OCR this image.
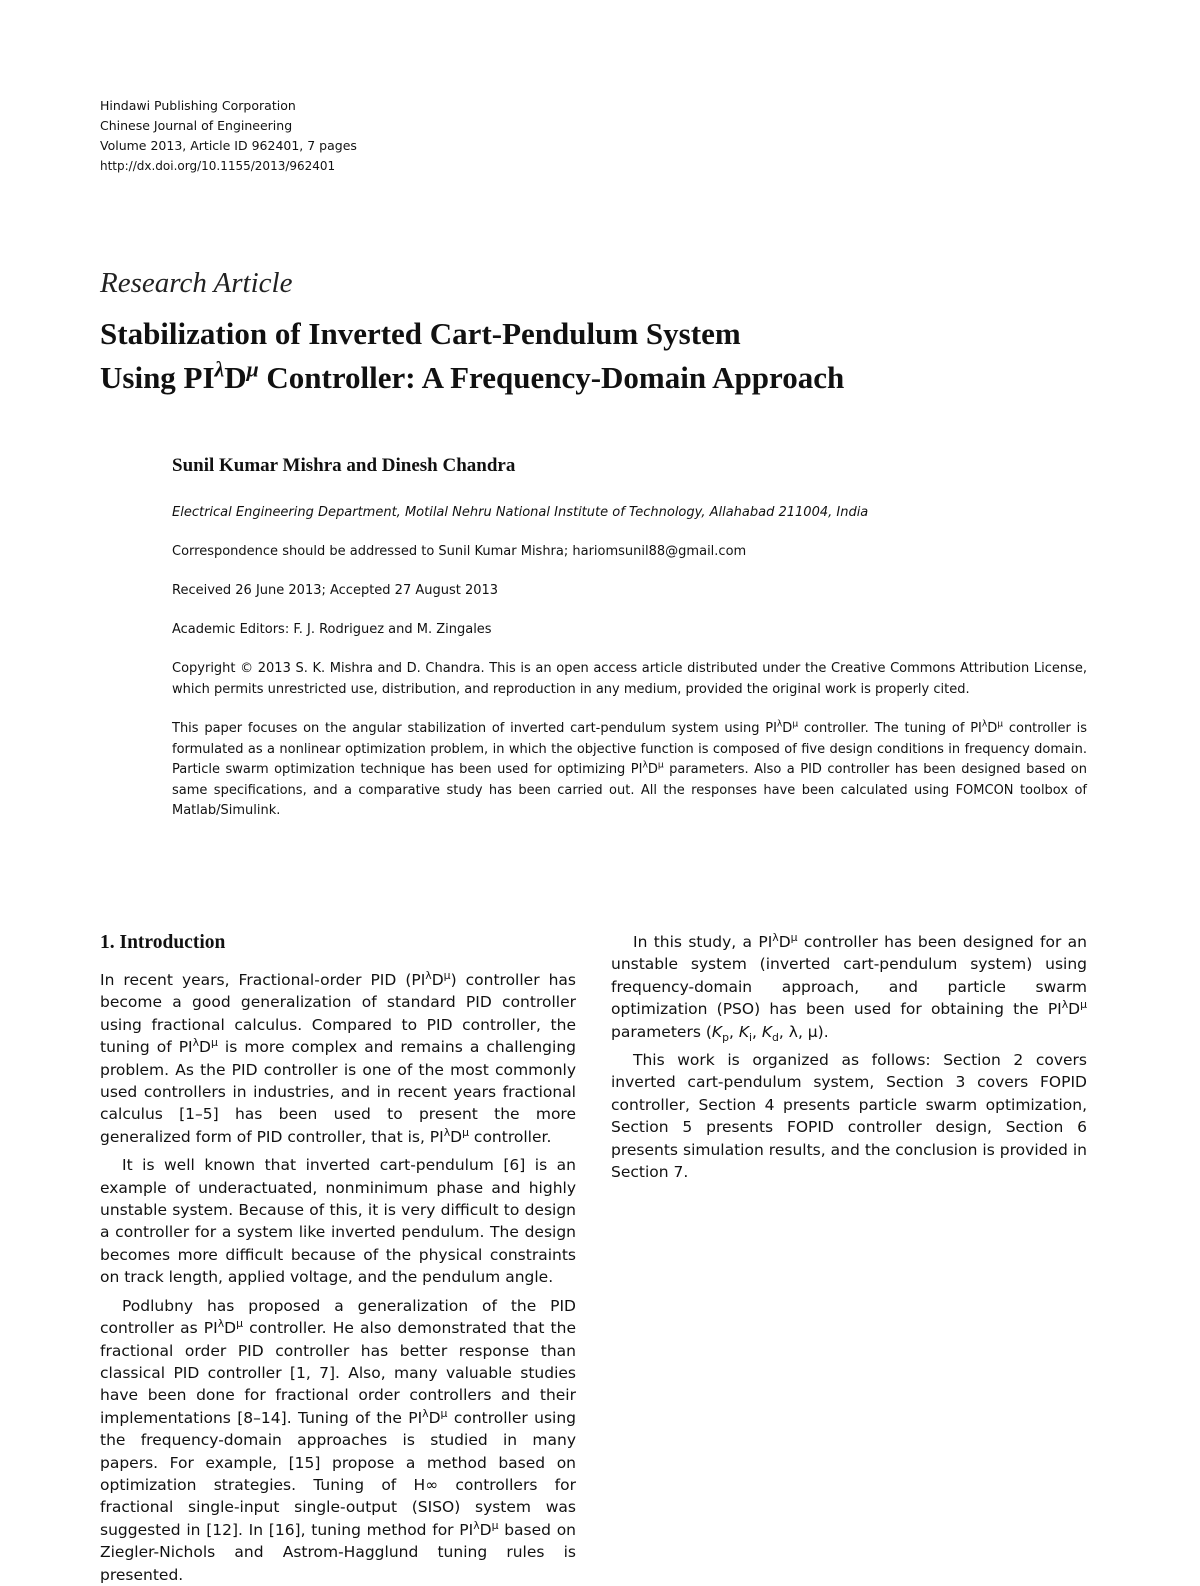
Hindawi Publishing Corporation
Chinese Journal of Engineering
Volume 2013, Article ID 962401, 7 pages
http://dx.doi.org/10.1155/2013/962401
Research Article
Stabilization of Inverted Cart-Pendulum System
Using $PI^\lambda D^\mu$ Controller: A Frequency-Domain Approach
Sunil Kumar Mishra and Dinesh Chandra
Electrical Engineering Department, Motilal Nehru National Institute of Technology, Allahabad 211004, India
Correspondence should be addressed to Sunil Kumar Mishra; hariomsunil88@gmail.com
Received 26 June 2013; Accepted 27 August 2013
Academic Editors: F. J. Rodriguez and M. Zingales
Copyright © 2013 S. K. Mishra and D. Chandra. This is an open access article distributed under the Creative Commons Attribution License, which permits unrestricted use, distribution, and reproduction in any medium, provided the original work is properly cited.
This paper focuses on the angular stabilization of inverted cart-pendulum system using $PI^\lambda D^\mu$ controller. The tuning of $PI^\lambda D^\mu$ controller is formulated as a nonlinear optimization problem, in which the objective function is composed of five design conditions in frequency domain. Particle swarm optimization technique has been used for optimizing $PI^\lambda D^\mu$ parameters. Also a PID controller has been designed based on same specifications, and a comparative study has been carried out. All the responses have been calculated using FOMCON toolbox of Matlab/Simulink.
1. Introduction

In recent years, Fractional-order PID $(PI^\lambda D^\mu)$ controller has become a good generalization of standard PID controller using fractional calculus. Compared to PID controller, the tuning of $PI^\lambda D^\mu$ is more complex and remains a challenging problem. As the PID controller is one of the most commonly used controllers in industries, and in recent years fractional calculus [1–5] has been used to present the more generalized form of PID controller, that is, $PI^\lambda D^\mu$ controller.

It is well known that inverted cart-pendulum [6] is an example of underactuated, nonminimum phase and highly unstable system. Because of this, it is very difficult to design a controller for a system like inverted pendulum. The design becomes more difficult because of the physical constraints on track length, applied voltage, and the pendulum angle.

Podlubny has proposed a generalization of the PID controller as $PI^\lambda D^\mu$ controller. He also demonstrated that the fractional order PID controller has better response than classical PID controller [1, 7]. Also, many valuable studies have been done for fractional order controllers and their implementations [8–14]. Tuning of the $PI^\lambda D^\mu$ controller using the frequency-domain approaches is studied in many papers. For example, [15] propose a method based on optimization strategies. Tuning of H∞ controllers for fractional single-input single-output (SISO) system was suggested in [12]. In [16], tuning method for $PI^\lambda D^\mu$ based on Ziegler-Nichols and Astrom-Hagglund tuning rules is presented.

In this study, a $PI^\lambda D^\mu$ controller has been designed for an unstable system (inverted cart-pendulum system) using frequency-domain approach, and particle swarm optimization (PSO) has been used for obtaining the $PI^\lambda D^\mu$ parameters ($K_p$, $K_i$, $K_d$, λ, μ).

This work is organized as follows: Section 2 covers inverted cart-pendulum system, Section 3 covers FOPID controller, Section 4 presents particle swarm optimization, Section 5 presents FOPID controller design, Section 6 presents simulation results, and the conclusion is provided in Section 7.
